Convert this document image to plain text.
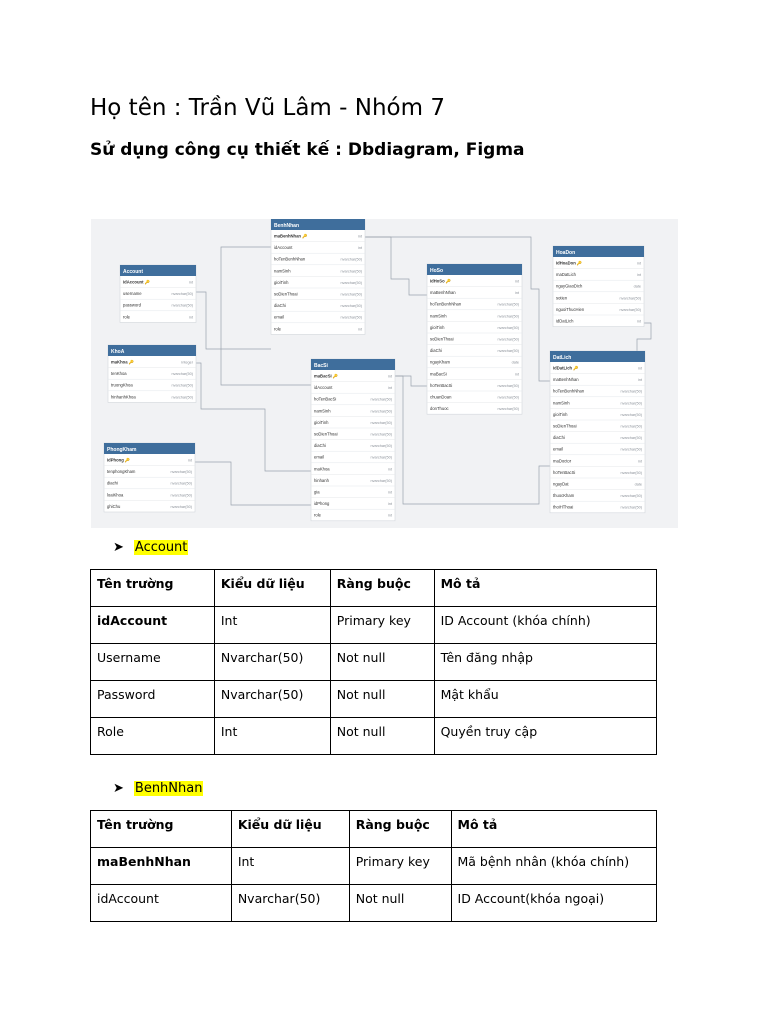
Họ tên : Trần Vũ Lâm - Nhóm 7
Sử dụng công cụ thiết kế : Dbdiagram, Figma
Account
idAccount 🔑	int
username	nvarchar(50)
password	nvarchar(50)
role	int
KhoA
maKhoa 🔑	integer
tenKhoa	nvarchar(50)
truongKhoa	nvarchar(50)
hinhanhKhoa	nvarchar(50)
PhongKham
idPhong 🔑	int
tenphongKham	nvarchar(50)
diachi	nvarchar(50)
loaiKhoa	nvarchar(50)
ghiChu	nvarchar(50)
BenhNhan
maBenhNhan 🔑	int
idAccount	int
hoTenBenhNhan	nvarchar(50)
namSinh	nvarchar(50)
gioiTinh	nvarchar(50)
soDienThoai	nvarchar(50)
diaChi	nvarchar(50)
email	nvarchar(50)
role	int
BacSi
maBacSi 🔑	int
idAccount	int
hoTenBacSi	nvarchar(50)
namSinh	nvarchar(50)
gioiTinh	nvarchar(50)
soDienThoai	nvarchar(50)
diaChi	nvarchar(50)
email	nvarchar(50)
maKhoa	int
hinhanh	nvarchar(50)
gia	int
idPhong	int
role	int
HoSo
idHoSo 🔑	int
maBenhNhan	int
hoTenBenhNhan	nvarchar(50)
namSinh	nvarchar(50)
gioiTinh	nvarchar(50)
soDienThoai	nvarchar(50)
diaChi	nvarchar(50)
ngayKham	date
maBacSi	int
hoTenBacSi	nvarchar(50)
chuanDoan	nvarchar(50)
donThuoc	nvarchar(50)
HoaDon
idHoaDon 🔑	int
maDatLich	int
ngayGiaoDich	date
sotien	nvarchar(50)
nguoiThucHien	nvarchar(50)
idDatLich	int
DatLich
idDatLich 🔑	int
maBenhNhan	int
hoTenBenhNhan	nvarchar(50)
namSinh	nvarchar(50)
gioiTinh	nvarchar(50)
soDienThoai	nvarchar(50)
diaChi	nvarchar(50)
email	nvarchar(50)
maDoctor	int
hoTenBacSi	nvarchar(50)
ngayDat	date
thuocKham	nvarchar(50)
thoiHThoai	nvarchar(50)
➤ Account
Tên trường	Kiểu dữ liệu	Ràng buộc	Mô tả
idAccount	Int	Primary key	ID Account (khóa chính)
Username	Nvarchar(50)	Not null	Tên đăng nhập
Password	Nvarchar(50)	Not null	Mật khẩu
Role	Int	Not null	Quyền truy cập
➤ BenhNhan
Tên trường	Kiểu dữ liệu	Ràng buộc	Mô tả
maBenhNhan	Int	Primary key	Mã bệnh nhân (khóa chính)
idAccount	Nvarchar(50)	Not null	ID Account(khóa ngoại)
